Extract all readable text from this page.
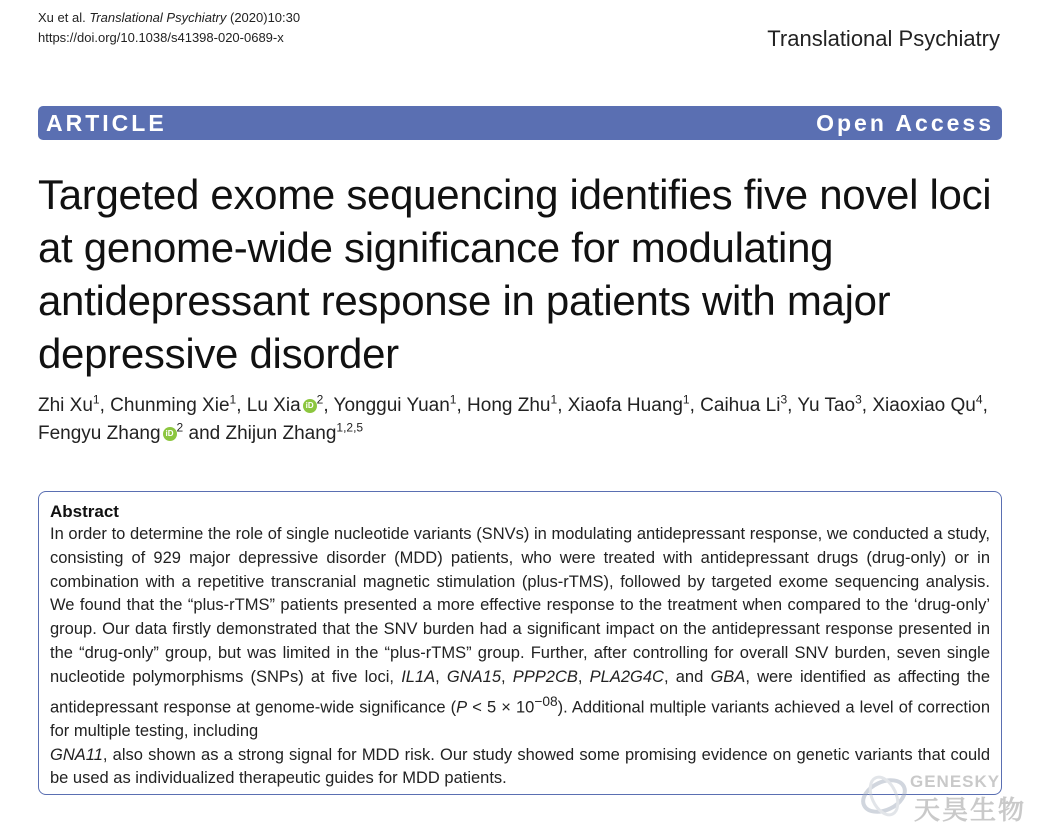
Xu et al. Translational Psychiatry (2020)10:30
https://doi.org/10.1038/s41398-020-0689-x	Translational Psychiatry
ARTICLE	Open Access
Targeted exome sequencing identifies five novel loci at genome-wide significance for modulating antidepressant response in patients with major depressive disorder
Zhi Xu$^1$, Chunming Xie$^1$, Lu Xia iD $^2$, Yonggui Yuan$^1$, Hong Zhu$^1$, Xiaofa Huang$^1$, Caihua Li$^3$, Yu Tao$^3$, Xiaoxiao Qu$^4$, Fengyu Zhang iD $^2$ and Zhijun Zhang$^{1,2,5}$
Abstract

In order to determine the role of single nucleotide variants (SNVs) in modulating antidepressant response, we conducted a study, consisting of 929 major depressive disorder (MDD) patients, who were treated with antidepressant drugs (drug-only) or in combination with a repetitive transcranial magnetic stimulation (plus-rTMS), followed by targeted exome sequencing analysis. We found that the “plus-rTMS” patients presented a more effective response to the treatment when compared to the ‘drug-only’ group. Our data firstly demonstrated that the SNV burden had a significant impact on the antidepressant response presented in the “drug-only” group, but was limited in the “plus-rTMS” group. Further, after controlling for overall SNV burden, seven single nucleotide polymorphisms (SNPs) at five loci, IL1A, GNA15, PPP2CB, PLA2G4C, and GBA, were identified as affecting the antidepressant response at genome-wide significance $(P < 5 \times 10^{-08})$. Additional multiple variants achieved a level of correction for multiple testing, including
GNA11, also shown as a strong signal for MDD risk. Our study showed some promising evidence on genetic variants that could be used as individualized therapeutic guides for MDD patients.	GENESKY
天昊生物
